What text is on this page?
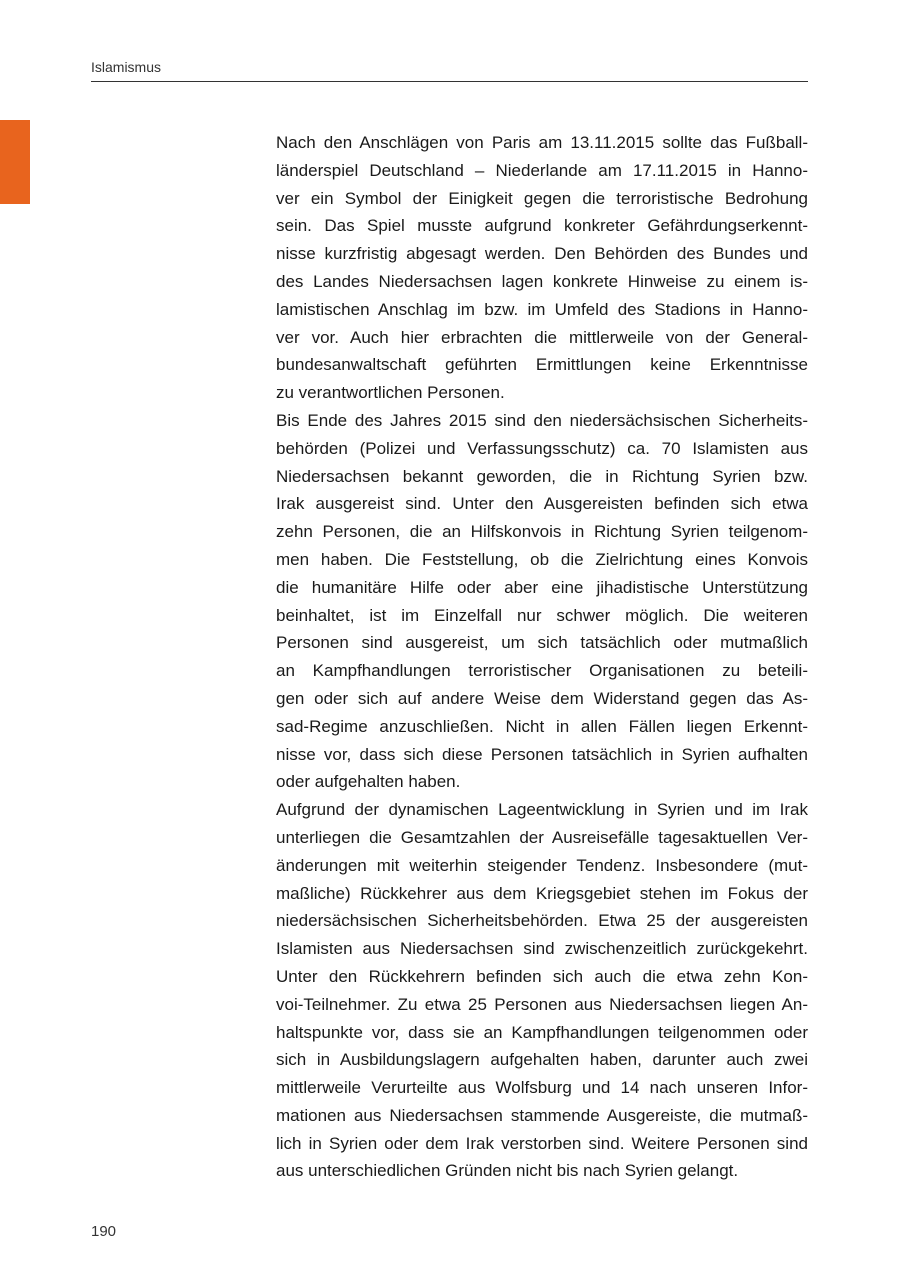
Islamismus

Nach den Anschlägen von Paris am 13.11.2015 sollte das Fußball-
länderspiel Deutschland – Niederlande am 17.11.2015 in Hanno-
ver ein Symbol der Einigkeit gegen die terroristische Bedrohung
sein. Das Spiel musste aufgrund konkreter Gefährdungserkennt-
nisse kurzfristig abgesagt werden. Den Behörden des Bundes und
des Landes Niedersachsen lagen konkrete Hinweise zu einem is-
lamistischen Anschlag im bzw. im Umfeld des Stadions in Hanno-
ver vor. Auch hier erbrachten die mittlerweile von der General-
bundesanwaltschaft geführten Ermittlungen keine Erkenntnisse
zu verantwortlichen Personen.

Bis Ende des Jahres 2015 sind den niedersächsischen Sicherheits-
behörden (Polizei und Verfassungsschutz) ca. 70 Islamisten aus
Niedersachsen bekannt geworden, die in Richtung Syrien bzw.
Irak ausgereist sind. Unter den Ausgereisten befinden sich etwa
zehn Personen, die an Hilfskonvois in Richtung Syrien teilgenom-
men haben. Die Feststellung, ob die Zielrichtung eines Konvois
die humanitäre Hilfe oder aber eine jihadistische Unterstützung
beinhaltet, ist im Einzelfall nur schwer möglich. Die weiteren
Personen sind ausgereist, um sich tatsächlich oder mutmaßlich
an Kampfhandlungen terroristischer Organisationen zu beteili-
gen oder sich auf andere Weise dem Widerstand gegen das As-
sad-Regime anzuschließen. Nicht in allen Fällen liegen Erkennt-
nisse vor, dass sich diese Personen tatsächlich in Syrien aufhalten
oder aufgehalten haben.

Aufgrund der dynamischen Lageentwicklung in Syrien und im Irak
unterliegen die Gesamtzahlen der Ausreisefälle tagesaktuellen Ver-
änderungen mit weiterhin steigender Tendenz. Insbesondere (mut-
maßliche) Rückkehrer aus dem Kriegsgebiet stehen im Fokus der
niedersächsischen Sicherheitsbehörden. Etwa 25 der ausgereisten
Islamisten aus Niedersachsen sind zwischenzeitlich zurückgekehrt.
Unter den Rückkehrern befinden sich auch die etwa zehn Kon-
voi-Teilnehmer. Zu etwa 25 Personen aus Niedersachsen liegen An-
haltspunkte vor, dass sie an Kampfhandlungen teilgenommen oder
sich in Ausbildungslagern aufgehalten haben, darunter auch zwei
mittlerweile Verurteilte aus Wolfsburg und 14 nach unseren Infor-
mationen aus Niedersachsen stammende Ausgereiste, die mutmaß-
lich in Syrien oder dem Irak verstorben sind. Weitere Personen sind
aus unterschiedlichen Gründen nicht bis nach Syrien gelangt.

190
